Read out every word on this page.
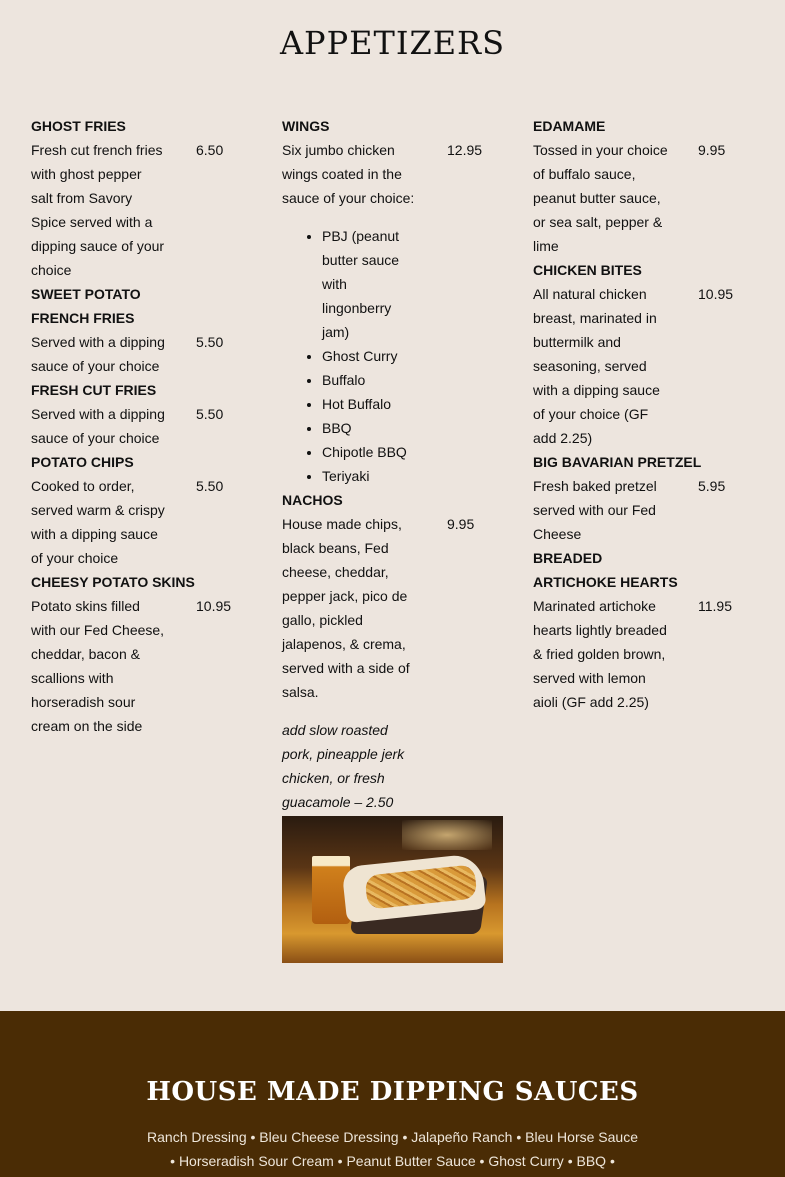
APPETIZERS
GHOST FRIES
Fresh cut french fries with ghost pepper salt from Savory Spice served with a dipping sauce of your choice
6.50
SWEET POTATO FRENCH FRIES
Served with a dipping sauce of your choice
5.50
FRESH CUT FRIES
Served with a dipping sauce of your choice
5.50
POTATO CHIPS
Cooked to order, served warm & crispy with a dipping sauce of your choice
5.50
CHEESY POTATO SKINS
Potato skins filled with our Fed Cheese, cheddar, bacon & scallions with horseradish sour cream on the side
10.95
WINGS
Six jumbo chicken wings coated in the sauce of your choice:
12.95
• PBJ (peanut butter sauce with lingonberry jam)
• Ghost Curry
• Buffalo
• Hot Buffalo
• BBQ
• Chipotle BBQ
• Teriyaki
NACHOS
House made chips, black beans, Fed cheese, cheddar, pepper jack, pico de gallo, pickled jalapenos, & crema, served with a side of salsa.
9.95
add slow roasted pork, pineapple jerk chicken, or fresh guacamole – 2.50
EDAMAME
Tossed in your choice of buffalo sauce, peanut butter sauce, or sea salt, pepper & lime
9.95
CHICKEN BITES
All natural chicken breast, marinated in buttermilk and seasoning, served with a dipping sauce of your choice (GF add 2.25)
10.95
BIG BAVARIAN PRETZEL
Fresh baked pretzel served with our Fed Cheese
5.95
BREADED ARTICHOKE HEARTS
Marinated artichoke hearts lightly breaded & fried golden brown, served with lemon aioli (GF add 2.25)
11.95
HOUSE MADE DIPPING SAUCES
Ranch Dressing • Bleu Cheese Dressing • Jalapeño Ranch • Bleu Horse Sauce
• Horseradish Sour Cream • Peanut Butter Sauce • Ghost Curry • BBQ •
